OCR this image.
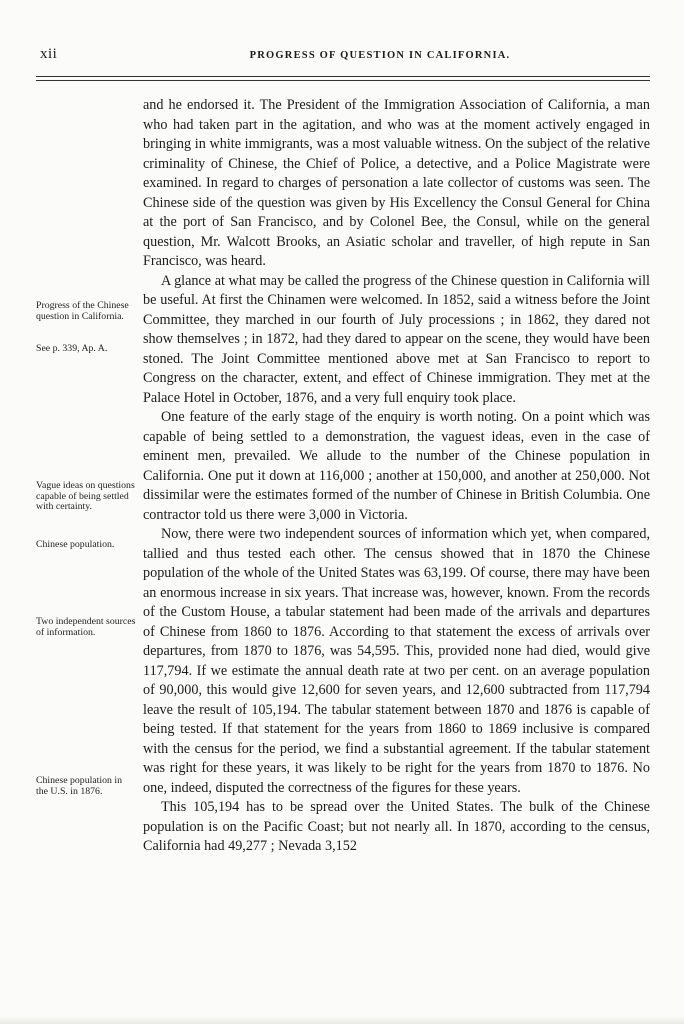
xii	PROGRESS OF QUESTION IN CALIFORNIA.
Progress of the Chinese question in California.
See p. 339, Ap. A.
Vague ideas on questions capable of being settled with certainty.
Chinese population.
Two independent sources of information.
Chinese population in the U.S. in 1876.

and he endorsed it. The President of the Immigration Association of California, a man who had taken part in the agitation, and who was at the moment actively engaged in bringing in white immigrants, was a most valuable witness. On the subject of the relative criminality of Chinese, the Chief of Police, a detective, and a Police Magistrate were examined. In regard to charges of personation a late collector of customs was seen. The Chinese side of the question was given by His Excellency the Consul General for China at the port of San Francisco, and by Colonel Bee, the Consul, while on the general question, Mr. Walcott Brooks, an Asiatic scholar and traveller, of high repute in San Francisco, was heard.

A glance at what may be called the progress of the Chinese question in California will be useful. At first the Chinamen were welcomed. In 1852, said a witness before the Joint Committee, they marched in our fourth of July processions ; in 1862, they dared not show themselves ; in 1872, had they dared to appear on the scene, they would have been stoned. The Joint Committee mentioned above met at San Francisco to report to Congress on the character, extent, and effect of Chinese immigration. They met at the Palace Hotel in October, 1876, and a very full enquiry took place.

One feature of the early stage of the enquiry is worth noting. On a point which was capable of being settled to a demonstration, the vaguest ideas, even in the case of eminent men, prevailed. We allude to the number of the Chinese population in California. One put it down at 116,000 ; another at 150,000, and another at 250,000. Not dissimilar were the estimates formed of the number of Chinese in British Columbia. One contractor told us there were 3,000 in Victoria.

Now, there were two independent sources of information which yet, when compared, tallied and thus tested each other. The census showed that in 1870 the Chinese population of the whole of the United States was 63,199. Of course, there may have been an enormous increase in six years. That increase was, however, known. From the records of the Custom House, a tabular statement had been made of the arrivals and departures of Chinese from 1860 to 1876. According to that statement the excess of arrivals over departures, from 1870 to 1876, was 54,595. This, provided none had died, would give 117,794. If we estimate the annual death rate at two per cent. on an average population of 90,000, this would give 12,600 for seven years, and 12,600 subtracted from 117,794 leave the result of 105,194. The tabular statement between 1870 and 1876 is capable of being tested. If that statement for the years from 1860 to 1869 inclusive is compared with the census for the period, we find a substantial agreement. If the tabular statement was right for these years, it was likely to be right for the years from 1870 to 1876. No one, indeed, disputed the correctness of the figures for these years.

This 105,194 has to be spread over the United States. The bulk of the Chinese population is on the Pacific Coast; but not nearly all. In 1870, according to the census, California had 49,277 ; Nevada 3,152
